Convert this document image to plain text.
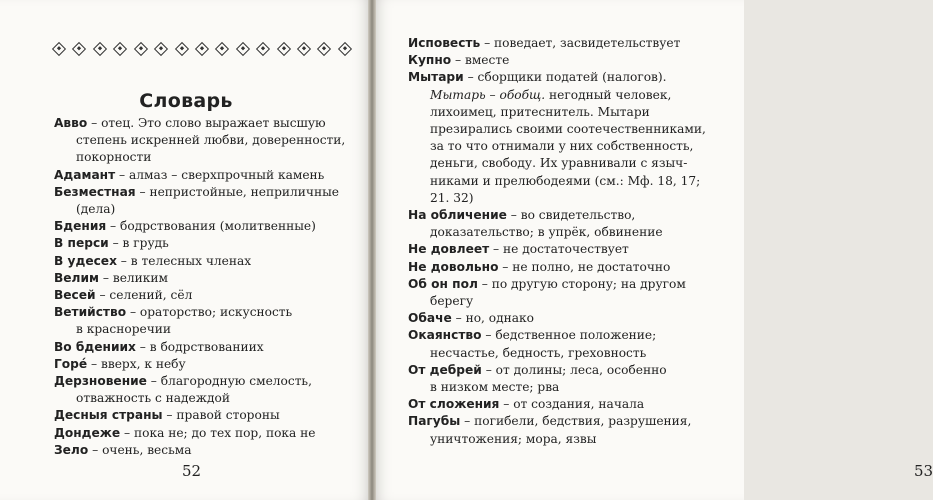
Словарь
Авво – отец. Это слово выражает высшую
степень искренней любви, доверенности,
покорности
Адамант – алмаз – сверхпрочный камень
Безместная – непристойные, неприличные
(дела)
Бдения – бодрствования (молитвенные)
В перси – в грудь
В удесех – в телесных членах
Велим – великим
Весей – селений, сёл
Ветийство – ораторство; искусность
в красноречии
Во бдениих – в бодрствованиих
Горé – вверх, к небу
Дерзновение – благородную смелость,
отважность с надеждой
Десныя страны – правой стороны
Дондеже – пока не; до тех пор, пока не
Зело – очень, весьма
52	53
Исповесть – поведает, засвидетельствует
Купно – вместе
Мытари – сборщики податей (налогов).
Мытарь – обобщ. негодный человек,
лихоимец, притеснитель. Мытари
презирались своими соотечественниками,
за то что отнимали у них собственность,
деньги, свободу. Их уравнивали с языч-
никами и прелюбодеями (см.: Мф. 18, 17;
21. 32)
На обличение – во свидетельство,
доказательство; в упрёк, обвинение
Не довлеет – не достаточествует
Не довольно – не полно, не достаточно
Об он пол – по другую сторону; на другом
берегу
Обаче – но, однако
Окаянство – бедственное положение;
несчастье, бедность, греховность
От дебрей – от долины; леса, особенно
в низком месте; рва
От сложения – от создания, начала
Пагубы – погибели, бедствия, разрушения,
уничтожения; мора, язвы
